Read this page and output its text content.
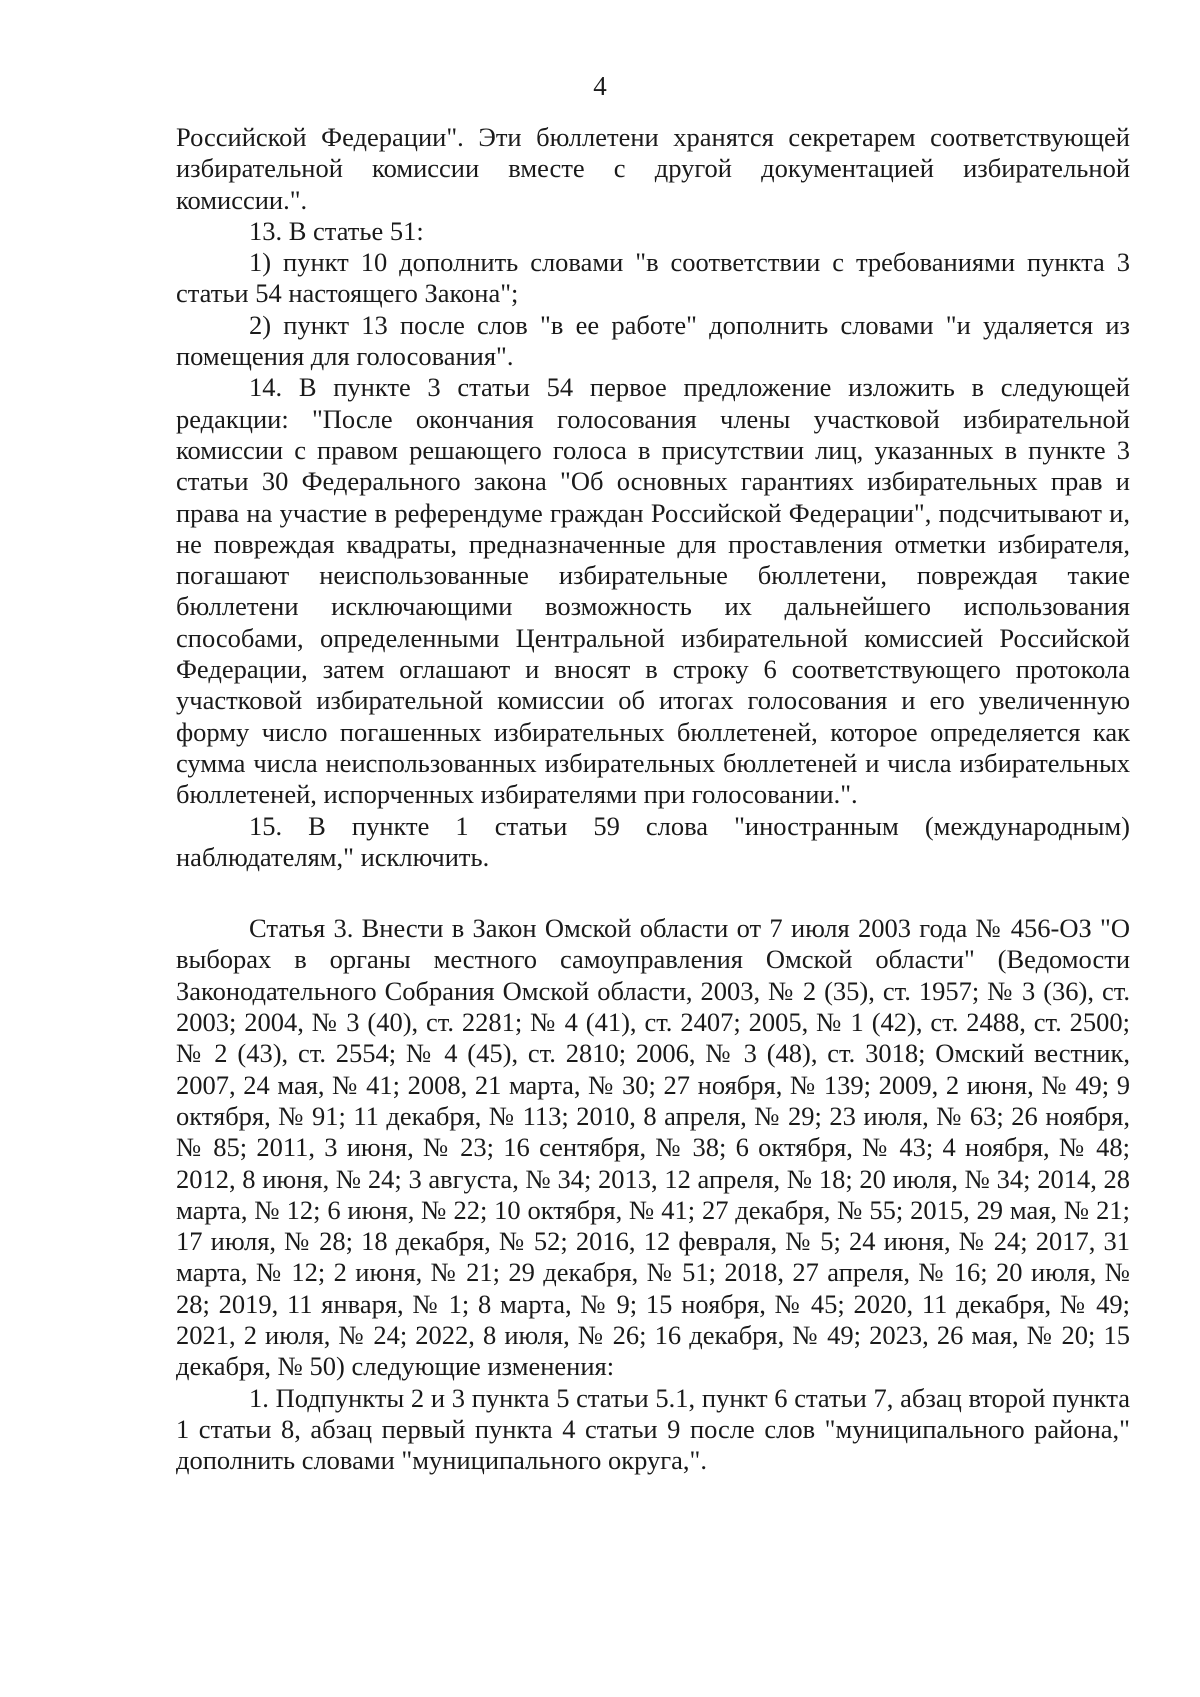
4

Российской Федерации". Эти бюллетени хранятся секретарем соответствующей избирательной комиссии вместе с другой документацией избирательной комиссии.".

13. В статье 51:

1) пункт 10 дополнить словами "в соответствии с требованиями пункта 3 статьи 54 настоящего Закона";

2) пункт 13 после слов "в ее работе" дополнить словами "и удаляется из помещения для голосования".

14. В пункте 3 статьи 54 первое предложение изложить в следующей редакции: "После окончания голосования члены участковой избирательной комиссии с правом решающего голоса в присутствии лиц, указанных в пункте 3 статьи 30 Федерального закона "Об основных гарантиях избирательных прав и права на участие в референдуме граждан Российской Федерации", подсчитывают и, не повреждая квадраты, предназначенные для проставления отметки избирателя, погашают неиспользованные избирательные бюллетени, повреждая такие бюллетени исключающими возможность их дальнейшего использования способами, определенными Центральной избирательной комиссией Российской Федерации, затем оглашают и вносят в строку 6 соответствующего протокола участковой избирательной комиссии об итогах голосования и его увеличенную форму число погашенных избирательных бюллетеней, которое определяется как сумма числа неиспользованных избирательных бюллетеней и числа избирательных бюллетеней, испорченных избирателями при голосовании.".

15. В пункте 1 статьи 59 слова "иностранным (международным) наблюдателям," исключить.

Статья 3. Внести в Закон Омской области от 7 июля 2003 года № 456-ОЗ "О выборах в органы местного самоуправления Омской области" (Ведомости Законодательного Собрания Омской области, 2003, № 2 (35), ст. 1957; № 3 (36), ст. 2003; 2004, № 3 (40), ст. 2281; № 4 (41), ст. 2407; 2005, № 1 (42), ст. 2488, ст. 2500; № 2 (43), ст. 2554; № 4 (45), ст. 2810; 2006, № 3 (48), ст. 3018; Омский вестник, 2007, 24 мая, № 41; 2008, 21 марта, № 30; 27 ноября, № 139; 2009, 2 июня, № 49; 9 октября, № 91; 11 декабря, № 113; 2010, 8 апреля, № 29; 23 июля, № 63; 26 ноября, № 85; 2011, 3 июня, № 23; 16 сентября, № 38; 6 октября, № 43; 4 ноября, № 48; 2012, 8 июня, № 24; 3 августа, № 34; 2013, 12 апреля, № 18; 20 июля, № 34; 2014, 28 марта, № 12; 6 июня, № 22; 10 октября, № 41; 27 декабря, № 55; 2015, 29 мая, № 21; 17 июля, № 28; 18 декабря, № 52; 2016, 12 февраля, № 5; 24 июня, № 24; 2017, 31 марта, № 12; 2 июня, № 21; 29 декабря, № 51; 2018, 27 апреля, № 16; 20 июля, № 28; 2019, 11 января, № 1; 8 марта, № 9; 15 ноября, № 45; 2020, 11 декабря, № 49; 2021, 2 июля, № 24; 2022, 8 июля, № 26; 16 декабря, № 49; 2023, 26 мая, № 20; 15 декабря, № 50) следующие изменения:

1. Подпункты 2 и 3 пункта 5 статьи 5.1, пункт 6 статьи 7, абзац второй пункта 1 статьи 8, абзац первый пункта 4 статьи 9 после слов "муниципального района," дополнить словами "муниципального округа,".
